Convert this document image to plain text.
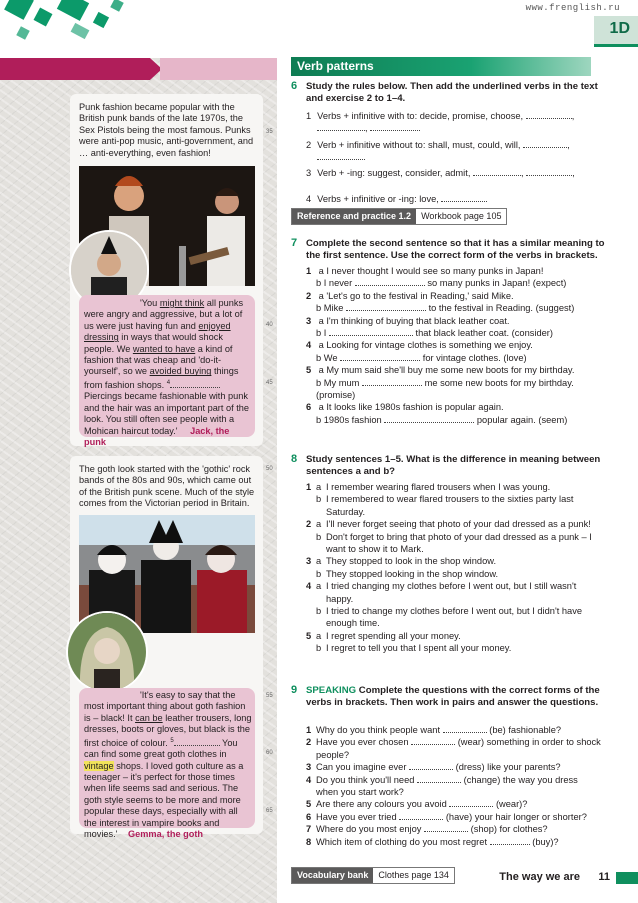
www.frenglish.ru
1D
Punk fashion became popular with the British punk bands of the late 1970s, the Sex Pistols being the most famous. Punks were anti-pop music, anti-government, and … anti-everything, even fashion!
'You might think all punks were angry and aggressive, but a lot of us were just having fun and enjoyed dressing in ways that would shock people. We wanted to have a kind of fashion that was cheap and 'do-it-yourself', so we avoided buying things from fashion shops. $^4$ Piercings became fashionable with punk and the hair was an important part of the look. You still often see people with a Mohican haircut today.' Jack, the punk
The goth look started with the 'gothic' rock bands of the 80s and 90s, which came out of the British punk scene. Much of the style comes from the Victorian period in Britain.
'It's easy to say that the most important thing about goth fashion is – black! It can be leather trousers, long dresses, boots or gloves, but black is the first choice of colour. $^5$	You can find some great goth clothes in vintage shops. I loved goth culture as a teenager – it's perfect for those times when life seems sad and serious. The goth style seems to be more and more popular these days, especially with all the interest in vampire books and movies.' Gemma, the goth
35
40
45
50
55
60
65
Verb patterns
6 Study the rules below. Then add the underlined verbs in the text and exercise 2 to 1–4.
1 Verbs + infinitive with to: decide, promise, choose,	,
,
2 Verb + infinitive without to: shall, must, could, will,	,

3 Verb + -ing: suggest, consider, admit,	,	,
4 Verbs + infinitive or -ing: love,
Reference and practice 1.2 Workbook page 105
7 Complete the second sentence so that it has a similar meaning to the first sentence. Use the correct form of the verbs in brackets.
1 a I never thought I would see so many punks in Japan!
b I never	so many punks in Japan! (expect)
2 a 'Let's go to the festival in Reading,' said Mike.
b Mike	to the festival in Reading. (suggest)
3 a I'm thinking of buying that black leather coat.
b I	that black leather coat. (consider)
4 a Looking for vintage clothes is something we enjoy.
b We	for vintage clothes. (love)
5 a My mum said she'll buy me some new boots for my birthday.
b My mum	me some new boots for my birthday. (promise)
6 a It looks like 1980s fashion is popular again.
b 1980s fashion	popular again. (seem)
8 Study sentences 1–5. What is the difference in meaning between sentences a and b?
1 a I remember wearing flared trousers when I was young.
b I remembered to wear flared trousers to the sixties party last Saturday.
2 a I'll never forget seeing that photo of your dad dressed as a punk!
b Don't forget to bring that photo of your dad dressed as a punk – I want to show it to Mark.
3 a They stopped to look in the shop window.
b They stopped looking in the shop window.
4 a I tried changing my clothes before I went out, but I still wasn't happy.
b I tried to change my clothes before I went out, but I didn't have enough time.
5 a I regret spending all your money.
b I regret to tell you that I spent all your money.
9 SPEAKING Complete the questions with the correct forms of the verbs in brackets. Then work in pairs and answer the questions.
1 Why do you think people want	(be) fashionable?
2 Have you ever chosen	(wear) something in order to shock people?
3 Can you imagine ever	(dress) like your parents?
4 Do you think you'll need	(change) the way you dress when you start work?
5 Are there any colours you avoid	(wear)?
6 Have you ever tried	(have) your hair longer or shorter?
7 Where do you most enjoy	(shop) for clothes?
8 Which item of clothing do you most regret	(buy)?
Vocabulary bank Clothes page 134	The way we are 11
